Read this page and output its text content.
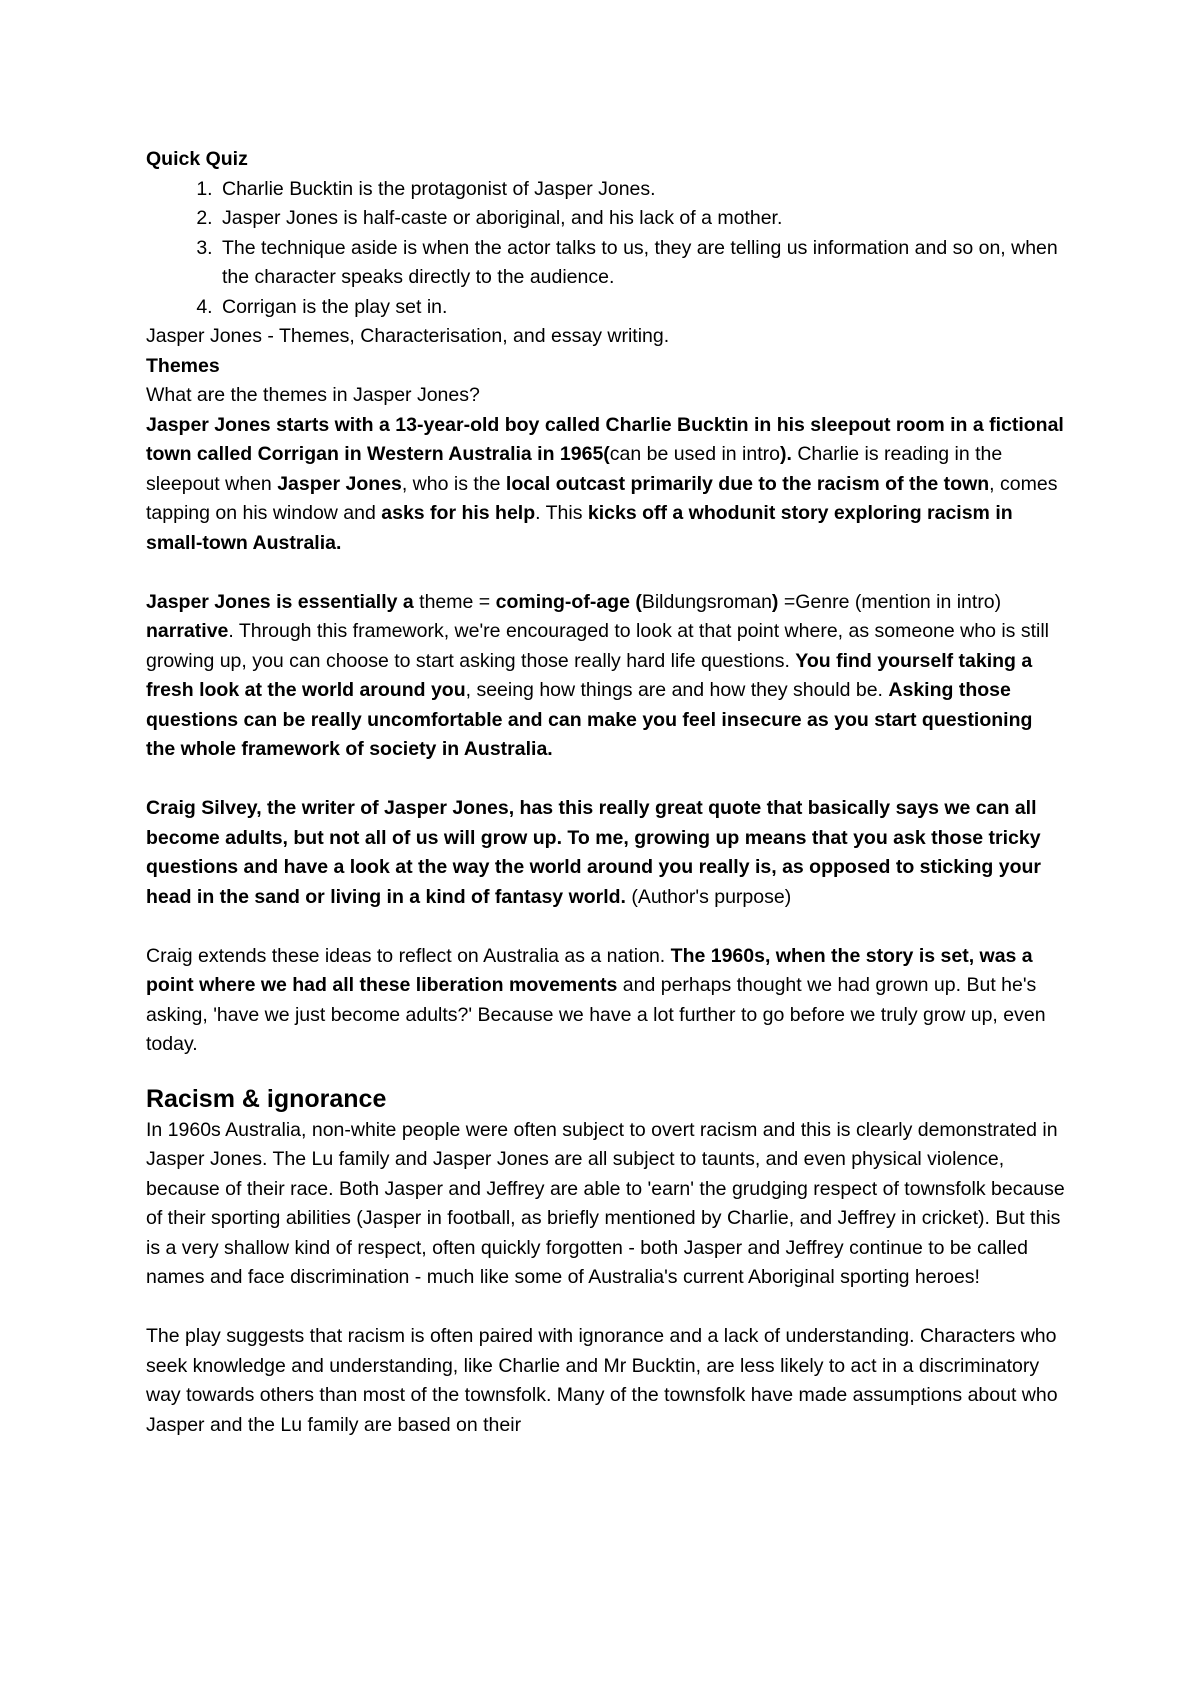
Quick Quiz

1. Charlie Bucktin is the protagonist of Jasper Jones.
2. Jasper Jones is half-caste or aboriginal, and his lack of a mother.
3. The technique aside is when the actor talks to us, they are telling us information and so on, when the character speaks directly to the audience.
4. Corrigan is the play set in.

Jasper Jones - Themes, Characterisation, and essay writing.

Themes

What are the themes in Jasper Jones?

Jasper Jones starts with a 13-year-old boy called Charlie Bucktin in his sleepout room in a fictional town called Corrigan in Western Australia in 1965(can be used in intro). Charlie is reading in the sleepout when Jasper Jones, who is the local outcast primarily due to the racism of the town, comes tapping on his window and asks for his help. This kicks off a whodunit story exploring racism in small-town Australia.

Jasper Jones is essentially a theme = coming-of-age (Bildungsroman) =Genre (mention in intro) narrative. Through this framework, we're encouraged to look at that point where, as someone who is still growing up, you can choose to start asking those really hard life questions. You find yourself taking a fresh look at the world around you, seeing how things are and how they should be. Asking those questions can be really uncomfortable and can make you feel insecure as you start questioning the whole framework of society in Australia.

Craig Silvey, the writer of Jasper Jones, has this really great quote that basically says we can all become adults, but not all of us will grow up. To me, growing up means that you ask those tricky questions and have a look at the way the world around you really is, as opposed to sticking your head in the sand or living in a kind of fantasy world. (Author's purpose)

Craig extends these ideas to reflect on Australia as a nation. The 1960s, when the story is set, was a point where we had all these liberation movements and perhaps thought we had grown up. But he's asking, 'have we just become adults?' Because we have a lot further to go before we truly grow up, even today.

Racism & ignorance

In 1960s Australia, non-white people were often subject to overt racism and this is clearly demonstrated in Jasper Jones. The Lu family and Jasper Jones are all subject to taunts, and even physical violence, because of their race. Both Jasper and Jeffrey are able to 'earn' the grudging respect of townsfolk because of their sporting abilities (Jasper in football, as briefly mentioned by Charlie, and Jeffrey in cricket). But this is a very shallow kind of respect, often quickly forgotten - both Jasper and Jeffrey continue to be called names and face discrimination - much like some of Australia's current Aboriginal sporting heroes!

The play suggests that racism is often paired with ignorance and a lack of understanding. Characters who seek knowledge and understanding, like Charlie and Mr Bucktin, are less likely to act in a discriminatory way towards others than most of the townsfolk. Many of the townsfolk have made assumptions about who Jasper and the Lu family are based on their
